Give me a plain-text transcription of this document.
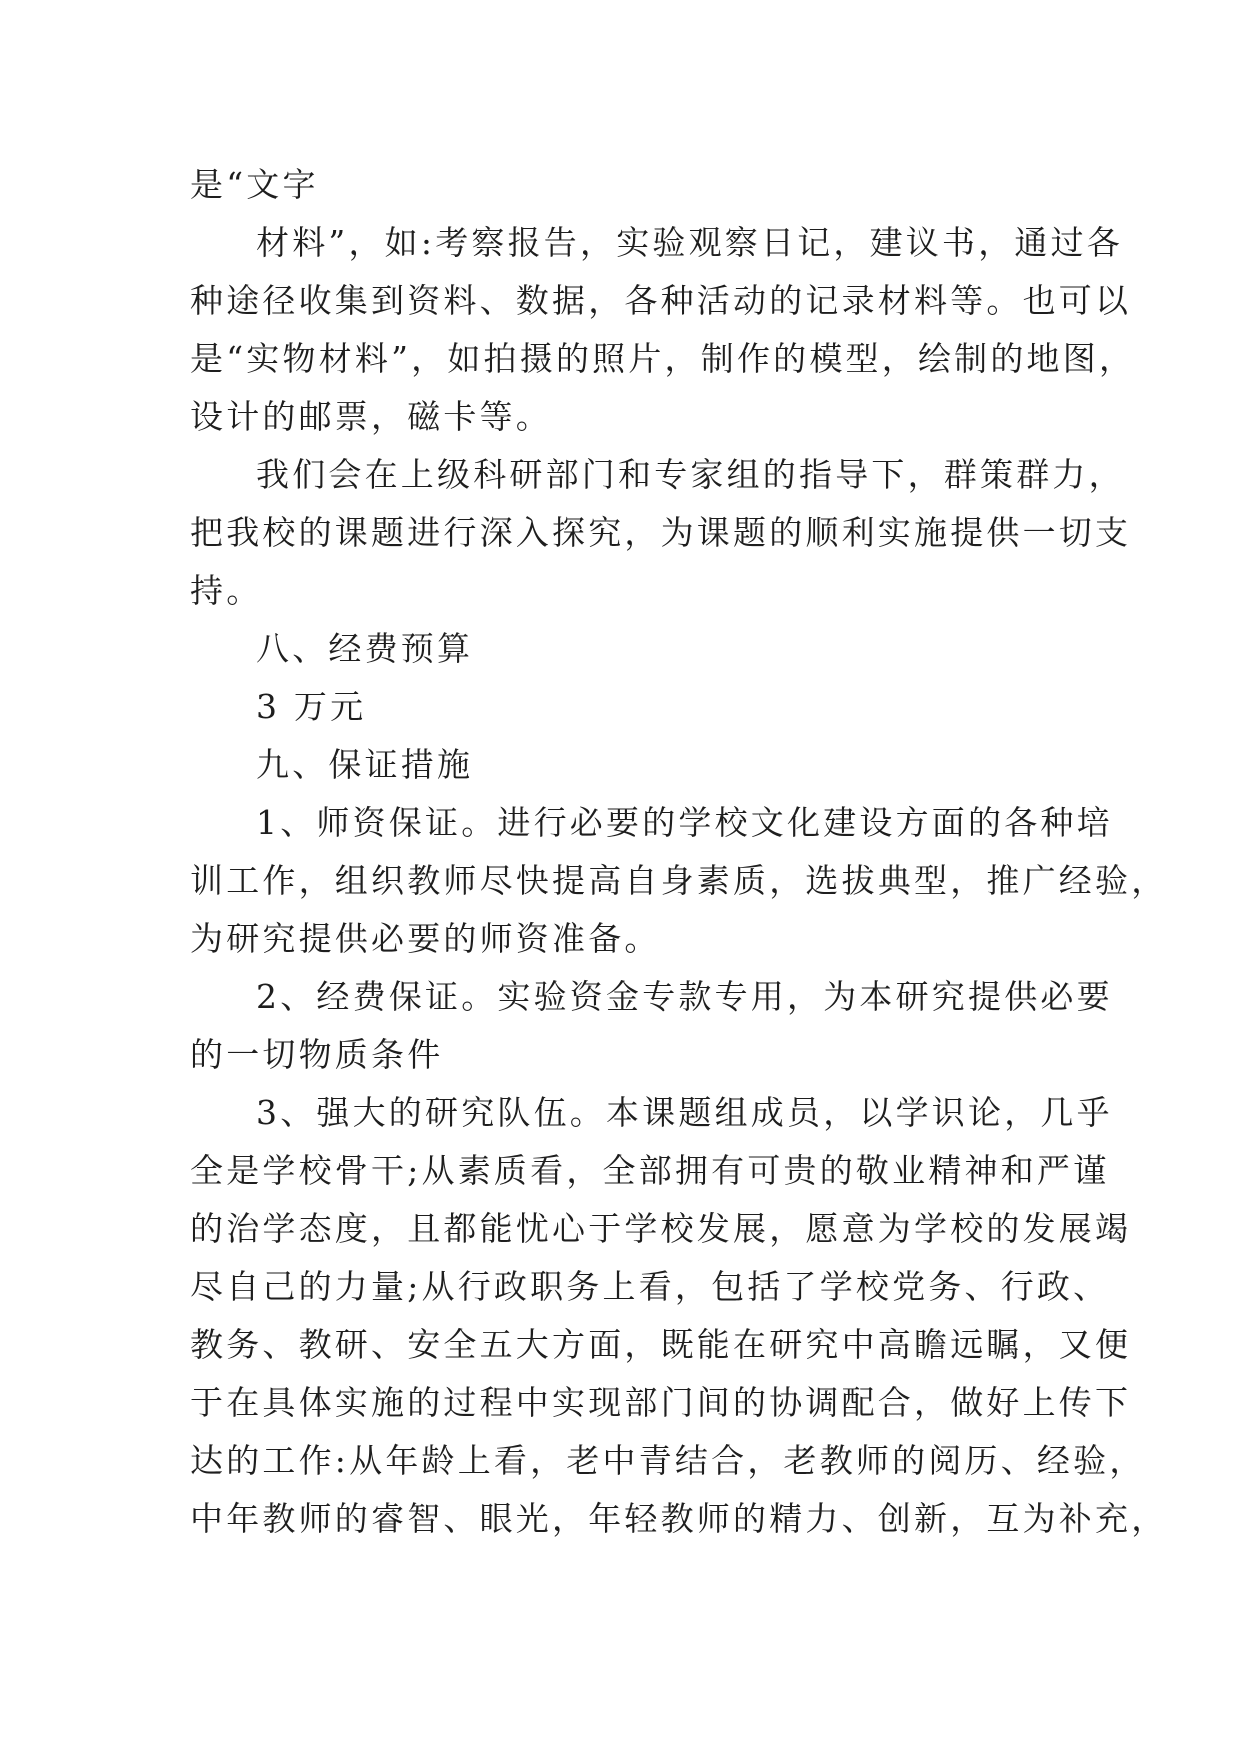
是“文字
材料”，如:考察报告，实验观察日记，建议书，通过各
种途径收集到资料、数据，各种活动的记录材料等。也可以
是“实物材料”，如拍摄的照片，制作的模型，绘制的地图，
设计的邮票，磁卡等。
我们会在上级科研部门和专家组的指导下，群策群力，
把我校的课题进行深入探究，为课题的顺利实施提供一切支
持。
八、经费预算
3 万元
九、保证措施
1、师资保证。进行必要的学校文化建设方面的各种培
训工作，组织教师尽快提高自身素质，选拔典型，推广经验，
为研究提供必要的师资准备。
2、经费保证。实验资金专款专用，为本研究提供必要
的一切物质条件
3、强大的研究队伍。本课题组成员，以学识论，几乎
全是学校骨干;从素质看，全部拥有可贵的敬业精神和严谨
的治学态度，且都能忧心于学校发展，愿意为学校的发展竭
尽自己的力量;从行政职务上看，包括了学校党务、行政、
教务、教研、安全五大方面，既能在研究中高瞻远瞩，又便
于在具体实施的过程中实现部门间的协调配合，做好上传下
达的工作:从年龄上看，老中青结合，老教师的阅历、经验，
中年教师的睿智、眼光，年轻教师的精力、创新，互为补充，
